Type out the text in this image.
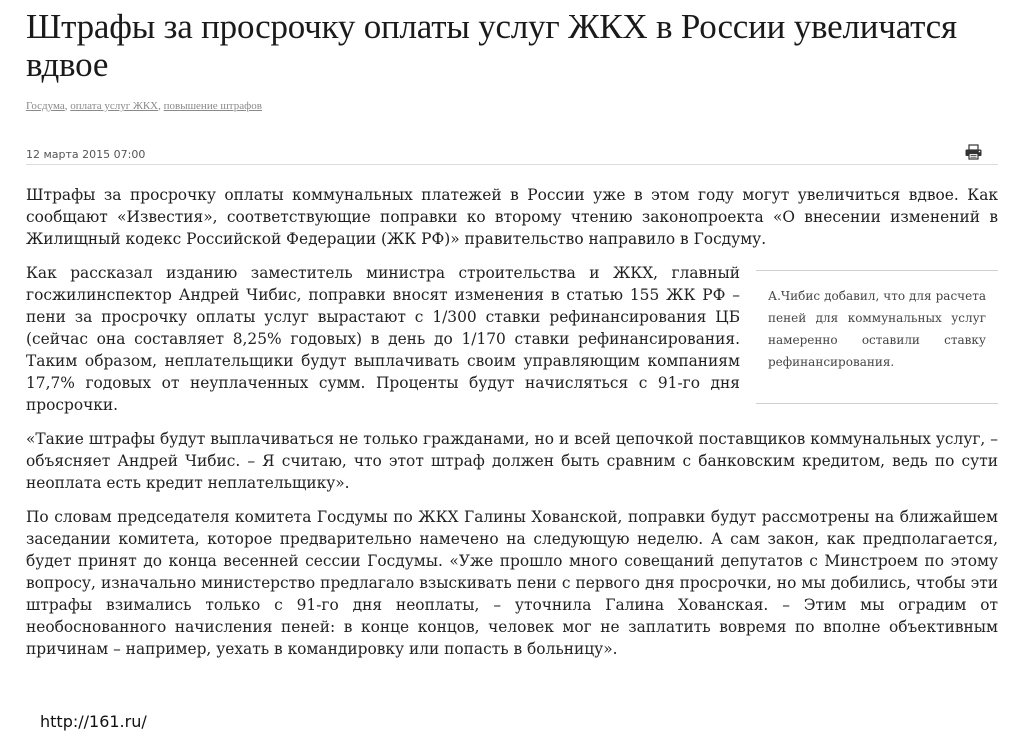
Штрафы за просрочку оплаты услуг ЖКХ в России увеличатся вдвое
Госдума, оплата услуг ЖКХ, повышение штрафов
12 марта 2015 07:00

Штрафы за просрочку оплаты коммунальных платежей в России уже в этом году могут увеличиться вдвое. Как сообщают «Известия», соответствующие поправки ко второму чтению законопроекта «О внесении изменений в Жилищный кодекс Российской Федерации (ЖК РФ)» правительство направило в Госдуму.

Как рассказал изданию заместитель министра строительства и ЖКХ, главный госжилинспектор Андрей Чибис, поправки вносят изменения в статью 155 ЖК РФ – пени за просрочку оплаты услуг вырастают с 1/300 ставки рефинансирования ЦБ (сейчас она составляет 8,25% годовых) в день до 1/170 ставки рефинансирования. Таким образом, неплательщики будут выплачивать своим управляющим компаниям 17,7% годовых от неуплаченных сумм. Проценты будут начисляться с 91-го дня просрочки.
А.Чибис добавил, что для расчета пеней для коммунальных услуг намеренно оставили ставку рефинансирования.

«Такие штрафы будут выплачиваться не только гражданами, но и всей цепочкой поставщиков коммунальных услуг, – объясняет Андрей Чибис. – Я считаю, что этот штраф должен быть сравним с банковским кредитом, ведь по сути неоплата есть кредит неплательщику».

По словам председателя комитета Госдумы по ЖКХ Галины Хованской, поправки будут рассмотрены на ближайшем заседании комитета, которое предварительно намечено на следующую неделю. А сам закон, как предполагается, будет принят до конца весенней сессии Госдумы. «Уже прошло много совещаний депутатов с Минстроем по этому вопросу, изначально министерство предлагало взыскивать пени с первого дня просрочки, но мы добились, чтобы эти штрафы взимались только с 91-го дня неоплаты, – уточнила Галина Хованская. – Этим мы оградим от необоснованного начисления пеней: в конце концов, человек мог не заплатить вовремя по вполне объективным причинам – например, уехать в командировку или попасть в больницу».

http://161.ru/
